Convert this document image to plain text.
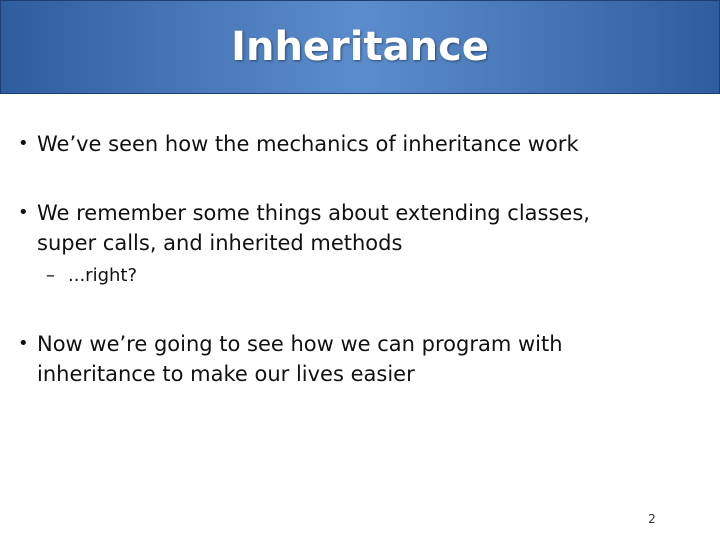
Inheritance
• We’ve seen how the mechanics of inheritance work
• We remember some things about extending classes,
super calls, and inherited methods
– ...right?
• Now we’re going to see how we can program with
inheritance to make our lives easier
2
